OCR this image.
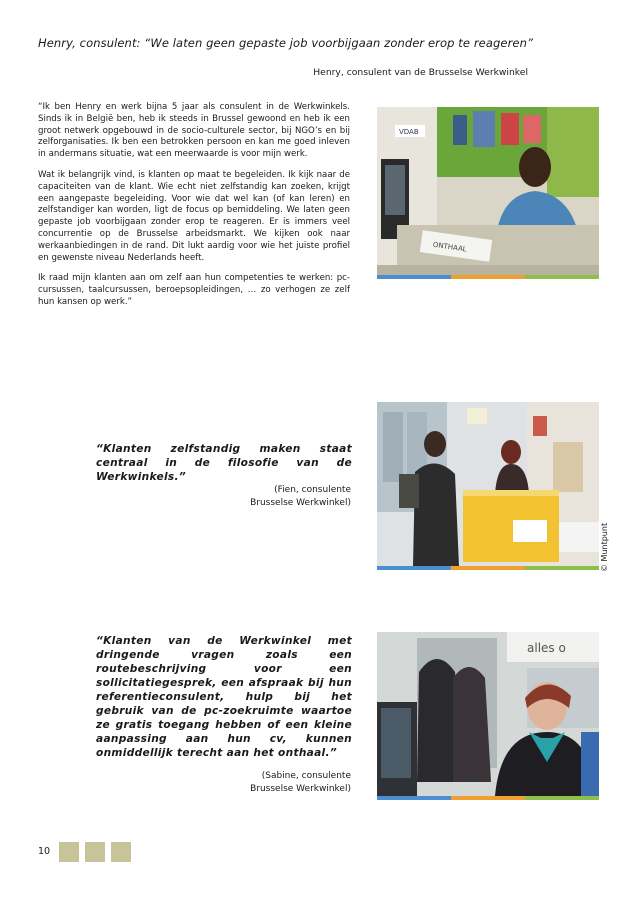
Henry, consulent: “We laten geen gepaste job voorbijgaan zonder erop te reageren”
Henry, consulent van de Brusselse Werkwinkel

“Ik ben Henry en werk bijna 5 jaar als consulent in de Werkwinkels. Sinds ik in België ben, heb ik steeds in Brussel gewoond en heb ik een groot netwerk opgebouwd in de socio-culturele sector, bij NGO’s en bij zelforganisaties. Ik ben een betrokken persoon en kan me goed inleven in andermans situatie, wat een meerwaarde is voor mijn werk.

Wat ik belangrijk vind, is klanten op maat te begeleiden. Ik kijk naar de capaciteiten van de klant. Wie echt niet zelfstandig kan zoeken, krijgt een aangepaste begeleiding. Voor wie dat wel kan (of kan leren) en zelfstandiger kan worden, ligt de focus op bemiddeling. We laten geen gepaste job voorbijgaan zonder erop te reageren. Er is immers veel concurrentie op de Brusselse arbeidsmarkt. We kijken ook naar werkaanbiedingen in de rand. Dit lukt aardig voor wie het juiste profiel en gewenste niveau Nederlands heeft.

Ik raad mijn klanten aan om zelf aan hun competenties te werken: pc-cursussen, taalcursussen, beroepsopleidingen, … zo verhogen ze zelf hun kansen op werk.”

VDAB
ONTHAAL
© Muntpunt
alles o
“Klanten zelfstandig maken staat centraal in de filosofie van de Werkwinkels.”
(Fien, consulente
Brusselse Werkwinkel)
“Klanten van de Werkwinkel met dringende vragen zoals een routebeschrijving voor een sollicitatiegesprek, een afspraak bij hun referentieconsulent, hulp bij het gebruik van de pc-zoekruimte waartoe ze gratis toegang hebben of een kleine aanpassing aan hun cv, kunnen onmiddellijk terecht aan het onthaal.”
(Sabine, consulente
Brusselse Werkwinkel)
10
